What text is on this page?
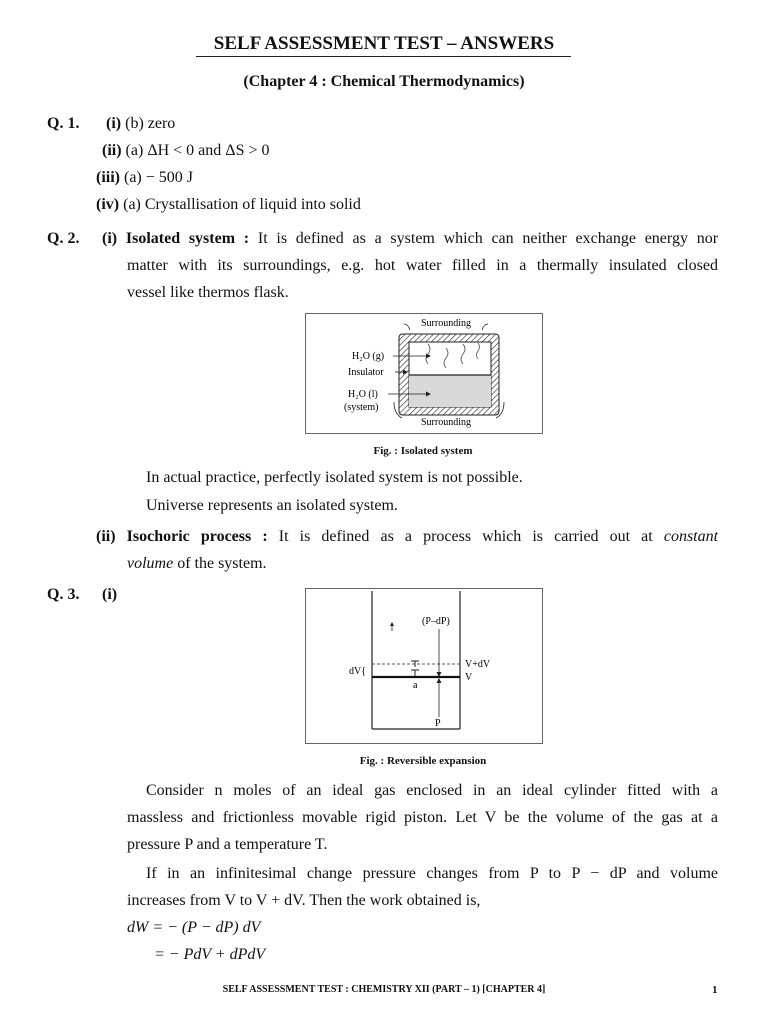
SELF ASSESSMENT TEST – ANSWERS
(Chapter 4 : Chemical Thermodynamics)
Q. 1. (i) (b) zero
(ii) (a) ΔH < 0 and ΔS > 0
(iii) (a) − 500 J
(iv) (a) Crystallisation of liquid into solid
Q. 2. (i) Isolated system : It is defined as a system which can neither exchange energy nor
matter with its surroundings, e.g. hot water filled in a thermally insulated closed
vessel like thermos flask.
Surrounding
Surrounding
H₂O (g)
Insulator
H₂O (l)
(system)
Fig. : Isolated system
In actual practice, perfectly isolated system is not possible.
Universe represents an isolated system.
(ii) Isochoric process : It is defined as a process which is carried out at constant
volume of the system.
Q. 3. (i)
a
(P–dP)
P
V+dV
V
dV{
Fig. : Reversible expansion
Consider n moles of an ideal gas enclosed in an ideal cylinder fitted with a
massless and frictionless movable rigid piston. Let V be the volume of the gas at a
pressure P and a temperature T.
If in an infinitesimal change pressure changes from P to P − dP and volume
increases from V to V + dV. Then the work obtained is,
dW = − (P − dP) dV
= − PdV + dPdV
SELF ASSESSMENT TEST : CHEMISTRY XII (PART – 1) [CHAPTER 4]	1
